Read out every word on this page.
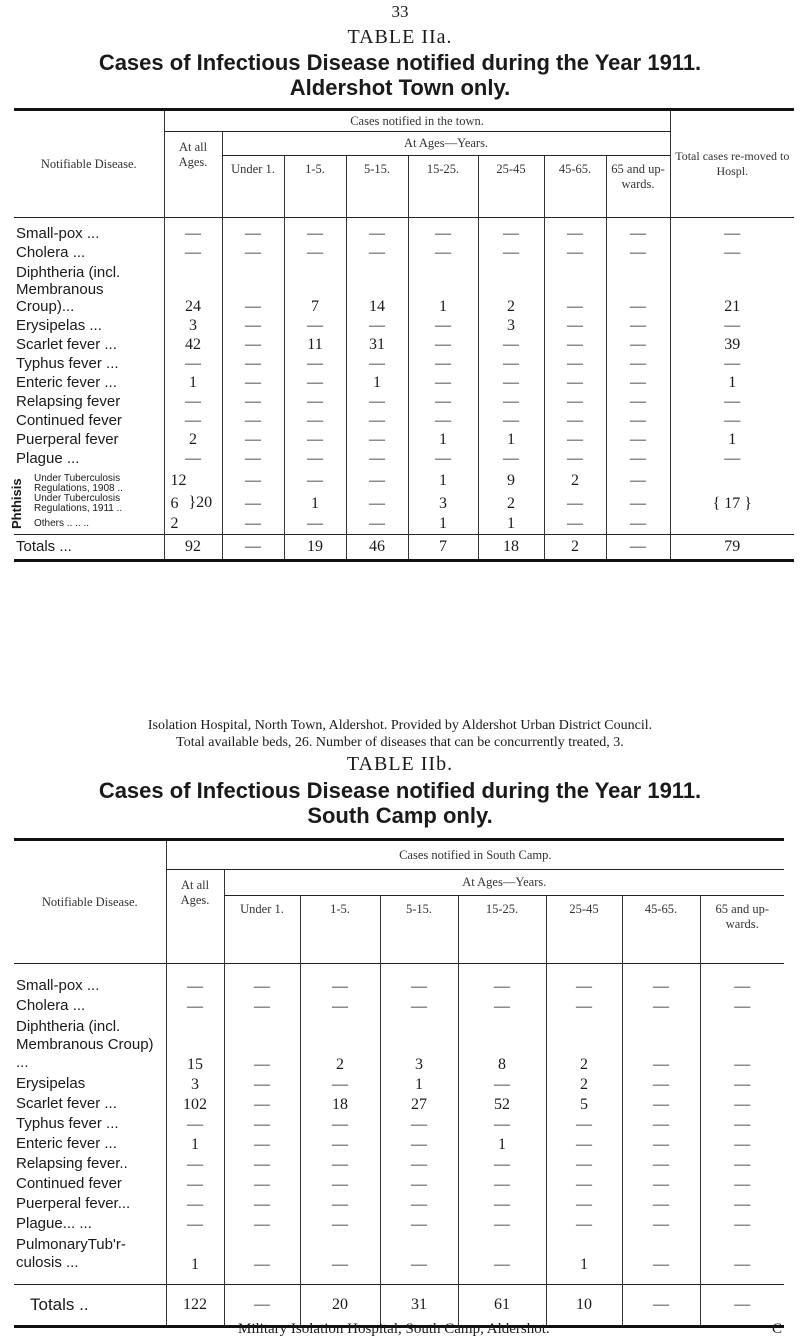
33
TABLE IIa.
Cases of Infectious Disease notified during the Year 1911.
Aldershot Town only.
Notifiable Disease.	Cases notified in the town.								Total cases re-moved to Hospl.
	At all Ages.	At Ages—Years.							
		Under 1.	1-5.	5-15.	15-25.	25-45	45-65.	65 and up-wards.	
Small-pox ...	—	—	—	—	—	—	—	—	—
Cholera ...	—	—	—	—	—	—	—	—	—
Diphtheria (incl. Membranous Croup)...	24	—	7	14	1	2	—	—	21
Erysipelas ...	3	—	—	—	—	3	—	—	—
Scarlet fever ...	42	—	11	31	—	—	—	—	39
Typhus fever ...	—	—	—	—	—	—	—	—	—
Enteric fever ...	1	—	—	1	—	—	—	—	1
Relapsing fever	—	—	—	—	—	—	—	—	—
Continued fever	—	—	—	—	—	—	—	—	—
Puerperal fever	2	—	—	—	1	1	—	—	1
Plague ...	—	—	—	—	—	—	—	—	—

Phthisis
Under Tuberculosis Regulations, 1908 ..	12	—	—	—	1	9	2	—	

Under Tuberculosis Regulations, 1911 ..	6 }20	—	1	—	3	2	—	—	{ 17 }

Others .. .. ..	2	—	—	—	1	1	—	—	
Totals ...	92	—	19	46	7	18	2	—	79
Isolation Hospital, North Town, Aldershot. Provided by Aldershot Urban District Council.
Total available beds, 26. Number of diseases that can be concurrently treated, 3.
TABLE IIb.
Cases of Infectious Disease notified during the Year 1911.
South Camp only.
Notifiable Disease.	Cases notified in South Camp.							
	At all Ages.	At Ages—Years.						
		Under 1.	1-5.	5-15.	15-25.	25-45	45-65.	65 and up-wards.
Small-pox ...	—	—	—	—	—	—	—	—
Cholera ...	—	—	—	—	—	—	—	—
Diphtheria (incl. Membranous Croup) ...	15	—	2	3	8	2	—	—
Erysipelas	3	—	—	1	—	2	—	—
Scarlet fever ...	102	—	18	27	52	5	—	—
Typhus fever ...	—	—	—	—	—	—	—	—
Enteric fever ...	1	—	—	—	1	—	—	—
Relapsing fever..	—	—	—	—	—	—	—	—
Continued fever	—	—	—	—	—	—	—	—
Puerperal fever...	—	—	—	—	—	—	—	—
Plague... ...	—	—	—	—	—	—	—	—
PulmonaryTub'r-culosis ...	1	—	—	—	—	1	—	—

Totals ..	122	—	20	31	61	10	—	—
Military Isolation Hospital, South Camp, Aldershot.	C
